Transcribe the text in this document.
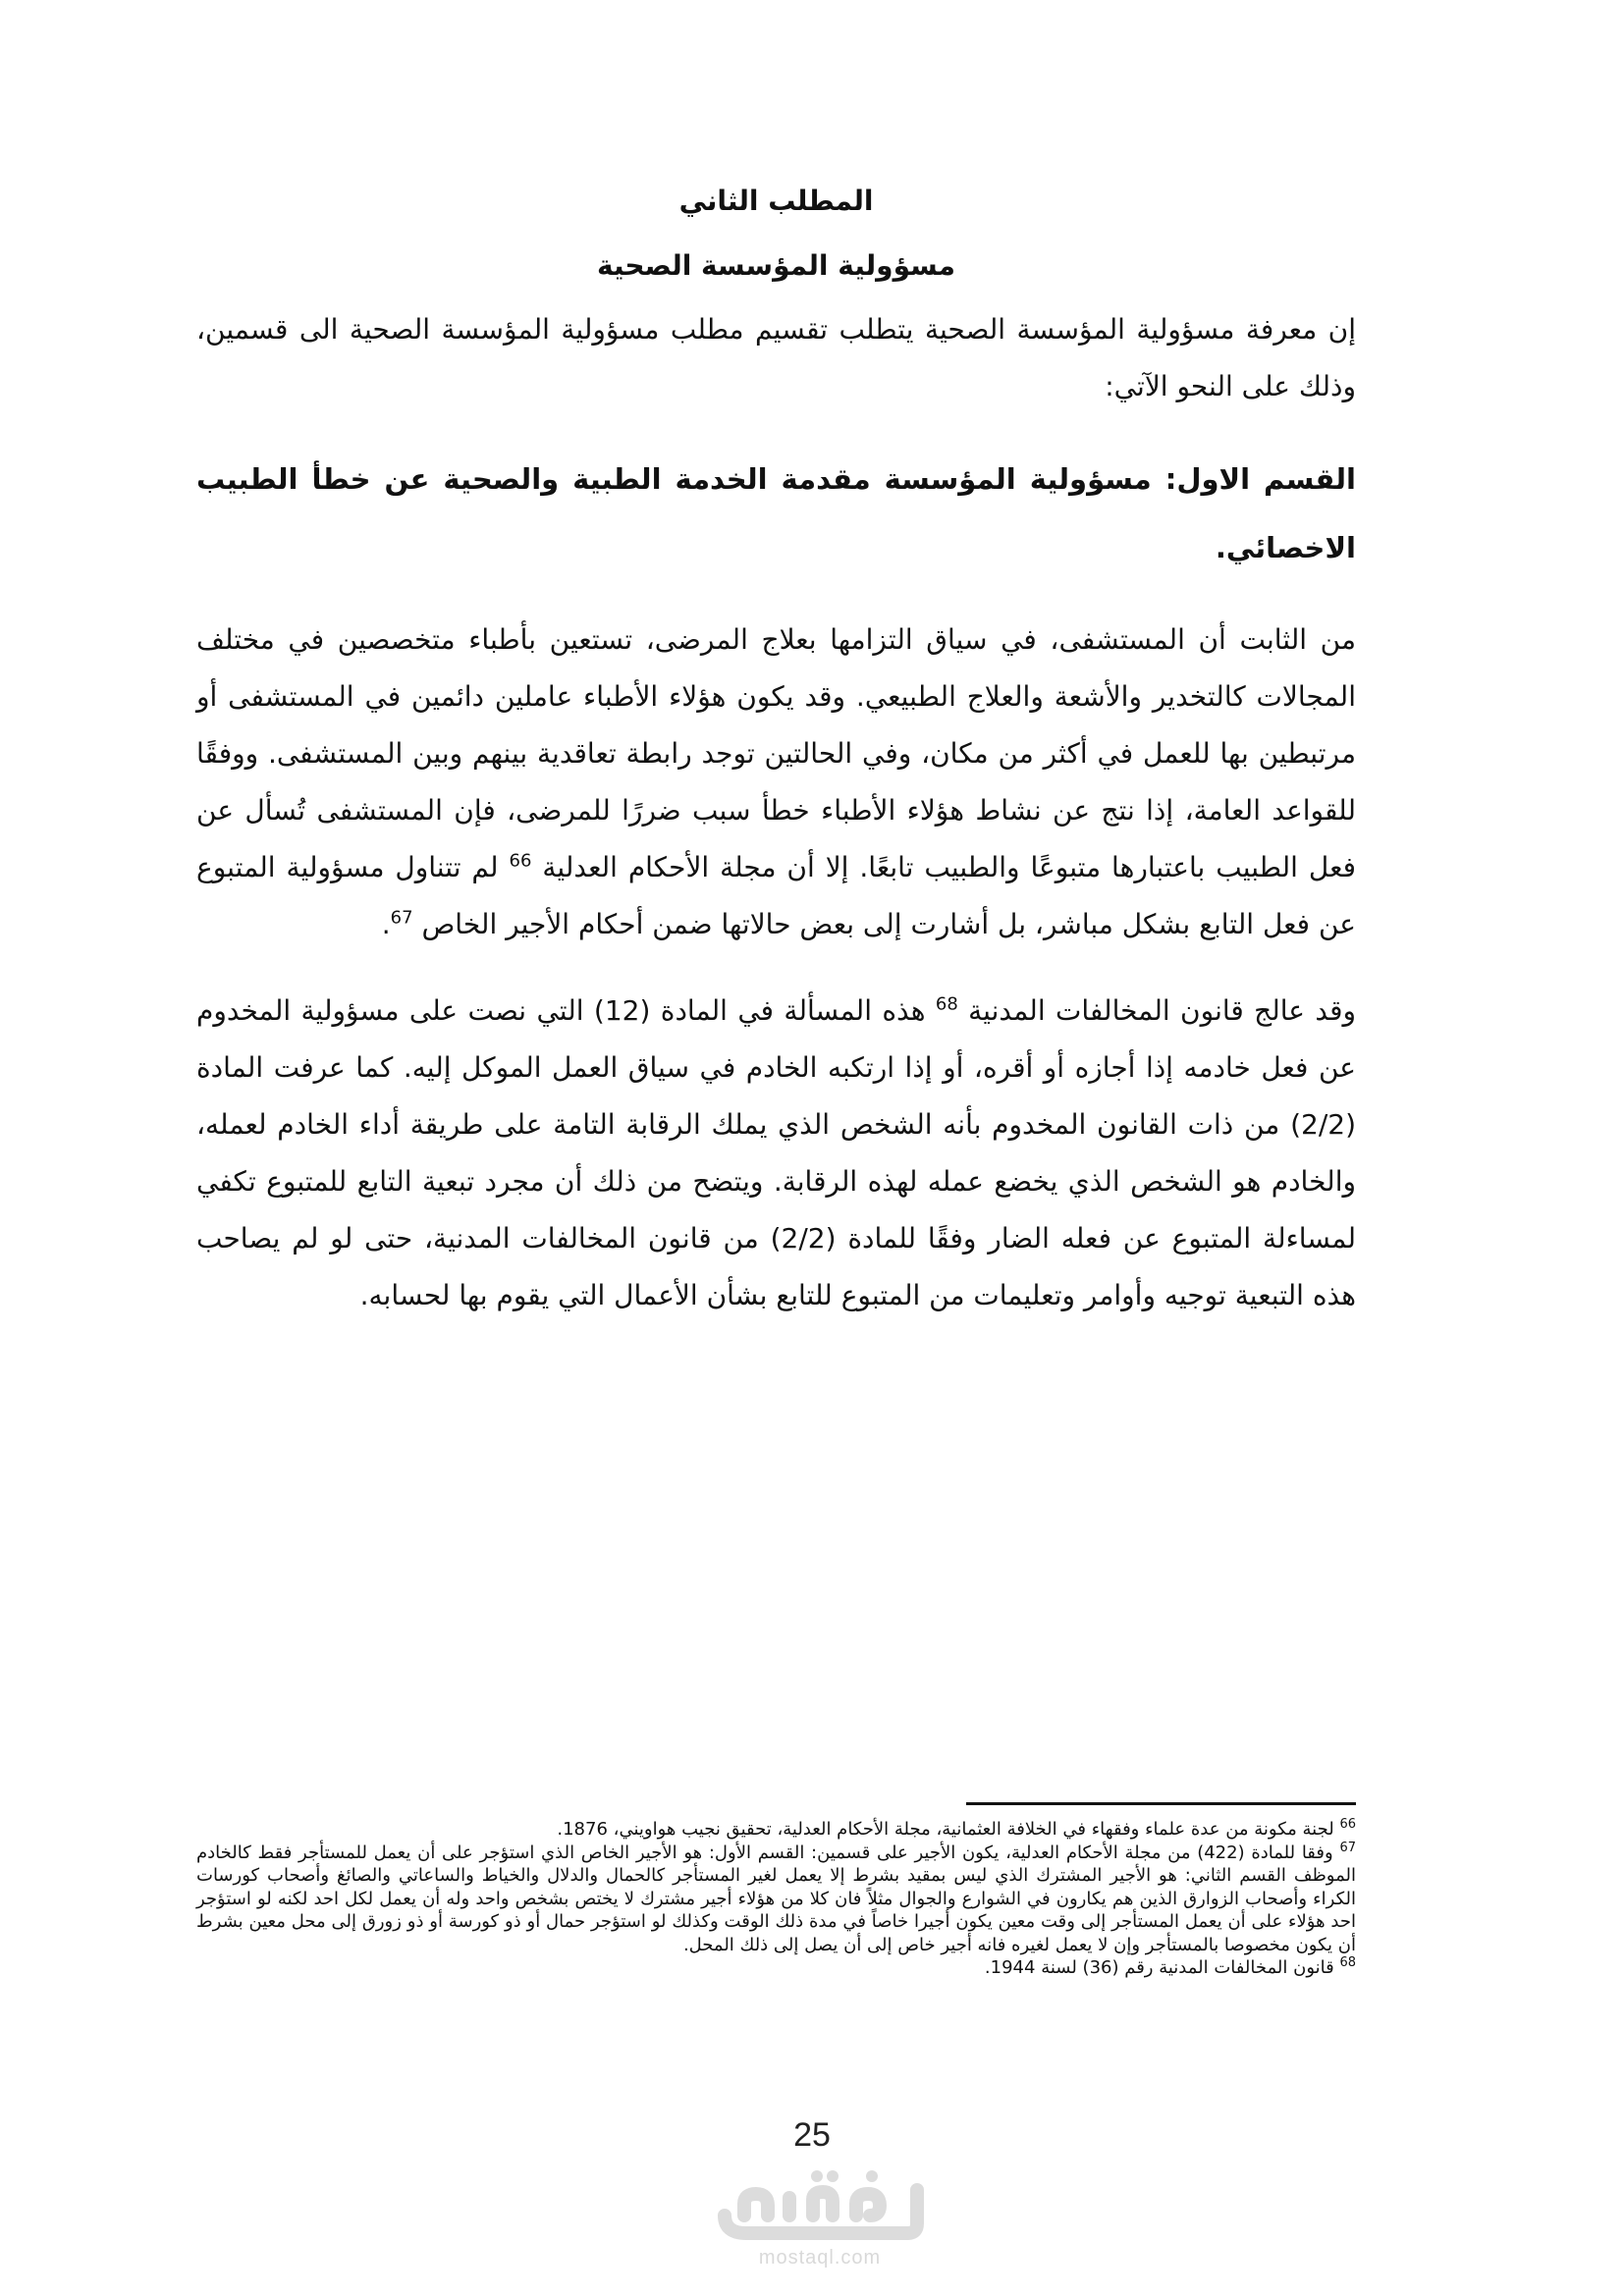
المطلب الثاني

مسؤولية المؤسسة الصحية

إن معرفة مسؤولية المؤسسة الصحية يتطلب تقسيم مطلب مسؤولية المؤسسة الصحية الى قسمين، وذلك على النحو الآتي:

القسم الاول: مسؤولية المؤسسة مقدمة الخدمة الطبية والصحية عن خطأ الطبيب الاخصائي.

من الثابت أن المستشفى، في سياق التزامها بعلاج المرضى، تستعين بأطباء متخصصين في مختلف المجالات كالتخدير والأشعة والعلاج الطبيعي. وقد يكون هؤلاء الأطباء عاملين دائمين في المستشفى أو مرتبطين بها للعمل في أكثر من مكان، وفي الحالتين توجد رابطة تعاقدية بينهم وبين المستشفى. ووفقًا للقواعد العامة، إذا نتج عن نشاط هؤلاء الأطباء خطأ سبب ضررًا للمرضى، فإن المستشفى تُسأل عن فعل الطبيب باعتبارها متبوعًا والطبيب تابعًا. إلا أن مجلة الأحكام العدلية $^{66}$ لم تتناول مسؤولية المتبوع عن فعل التابع بشكل مباشر، بل أشارت إلى بعض حالاتها ضمن أحكام الأجير الخاص $^{67}$.

وقد عالج قانون المخالفات المدنية $^{68}$ هذه المسألة في المادة (12) التي نصت على مسؤولية المخدوم عن فعل خادمه إذا أجازه أو أقره، أو إذا ارتكبه الخادم في سياق العمل الموكل إليه. كما عرفت المادة (2/2) من ذات القانون المخدوم بأنه الشخص الذي يملك الرقابة التامة على طريقة أداء الخادم لعمله، والخادم هو الشخص الذي يخضع عمله لهذه الرقابة. ويتضح من ذلك أن مجرد تبعية التابع للمتبوع تكفي لمساءلة المتبوع عن فعله الضار وفقًا للمادة (2/2) من قانون المخالفات المدنية، حتى لو لم يصاحب هذه التبعية توجيه وأوامر وتعليمات من المتبوع للتابع بشأن الأعمال التي يقوم بها لحسابه.

$^{66}$ لجنة مكونة من عدة علماء وفقهاء في الخلافة العثمانية، مجلة الأحكام العدلية، تحقيق نجيب هواويني، 1876.

$^{67}$ وفقا للمادة (422) من مجلة الأحكام العدلية، يكون الأجير على قسمين: القسم الأول: هو الأجير الخاص الذي استؤجر على أن يعمل للمستأجر فقط كالخادم الموظف القسم الثاني: هو الأجير المشترك الذي ليس بمقيد بشرط إلا يعمل لغير المستأجر كالحمال والدلال والخياط والساعاتي والصائغ وأصحاب كورسات الكراء وأصحاب الزوارق الذين هم يكارون في الشوارع والجوال مثلاً فان كلا من هؤلاء أجير مشترك لا يختص بشخص واحد وله أن يعمل لكل احد لكنه لو استؤجر احد هؤلاء على أن يعمل المستأجر إلى وقت معين يكون أجيرا خاصاً في مدة ذلك الوقت وكذلك لو استؤجر حمال أو ذو كورسة أو ذو زورق إلى محل معين بشرط أن يكون مخصوصا بالمستأجر وإن لا يعمل لغيره فانه أجير خاص إلى أن يصل إلى ذلك المحل.

$^{68}$ قانون المخالفات المدنية رقم (36) لسنة 1944.

25
mostaql.com
